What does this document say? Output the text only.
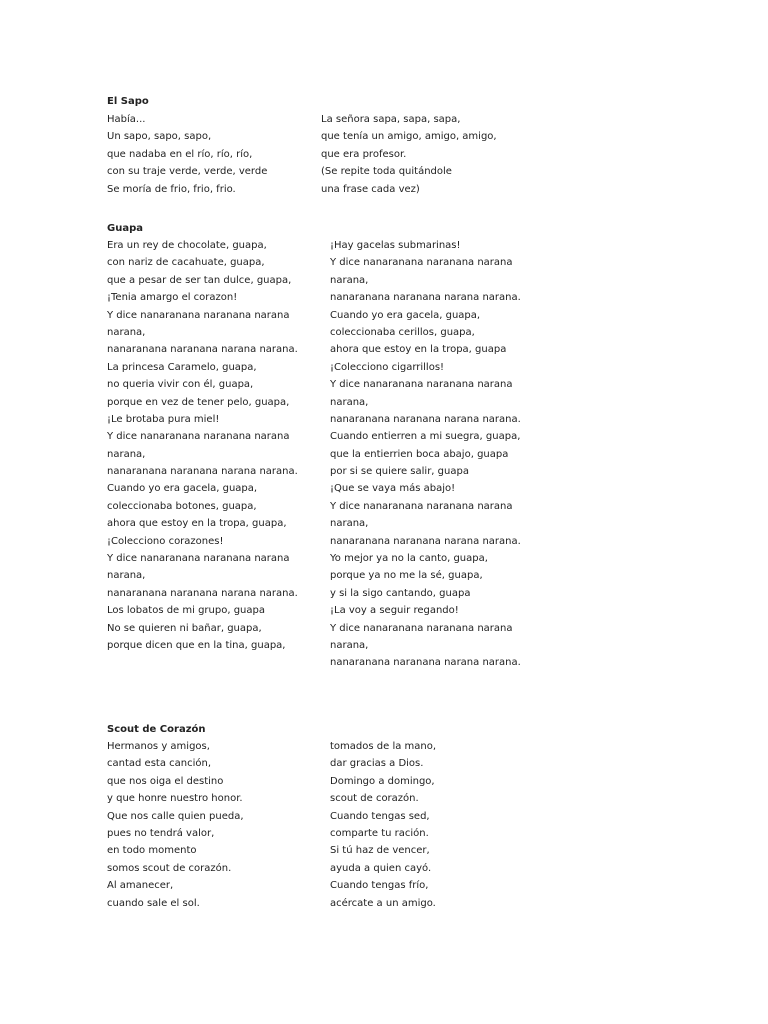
El Sapo
Había...
Un sapo, sapo, sapo,
que nadaba en el río, río, río,
con su traje verde, verde, verde
Se moría de frio, frio, frio.
La señora sapa, sapa, sapa,
que tenía un amigo, amigo, amigo,
que era profesor.
(Se repite toda quitándole
una frase cada vez)
Guapa
Era un rey de chocolate, guapa,
con nariz de cacahuate, guapa,
que a pesar de ser tan dulce, guapa,
¡Tenia amargo el corazon!
Y dice nanaranana naranana narana
narana,
nanaranana naranana narana narana.
La princesa Caramelo, guapa,
no queria vivir con él, guapa,
porque en vez de tener pelo, guapa,
¡Le brotaba pura miel!
Y dice nanaranana naranana narana
narana,
nanaranana naranana narana narana.
Cuando yo era gacela, guapa,
coleccionaba botones, guapa,
ahora que estoy en la tropa, guapa,
¡Colecciono corazones!
Y dice nanaranana naranana narana
narana,
nanaranana naranana narana narana.
Los lobatos de mi grupo, guapa
No se quieren ni bañar, guapa,
porque dicen que en la tina, guapa,
¡Hay gacelas submarinas!
Y dice nanaranana naranana narana
narana,
nanaranana naranana narana narana.
Cuando yo era gacela, guapa,
coleccionaba cerillos, guapa,
ahora que estoy en la tropa, guapa
¡Colecciono cigarrillos!
Y dice nanaranana naranana narana
narana,
nanaranana naranana narana narana.
Cuando entierren a mi suegra, guapa,
que la entierrien boca abajo, guapa
por si se quiere salir, guapa
¡Que se vaya más abajo!
Y dice nanaranana naranana narana
narana,
nanaranana naranana narana narana.
Yo mejor ya no la canto, guapa,
porque ya no me la sé, guapa,
y si la sigo cantando, guapa
¡La voy a seguir regando!
Y dice nanaranana naranana narana
narana,
nanaranana naranana narana narana.
Scout de Corazón
Hermanos y amigos,
cantad esta canción,
que nos oiga el destino
y que honre nuestro honor.
Que nos calle quien pueda,
pues no tendrá valor,
en todo momento
somos scout de corazón.
Al amanecer,
cuando sale el sol.
tomados de la mano,
dar gracias a Dios.
Domingo a domingo,
scout de corazón.
Cuando tengas sed,
comparte tu ración.
Si tú haz de vencer,
ayuda a quien cayó.
Cuando tengas frío,
acércate a un amigo.
